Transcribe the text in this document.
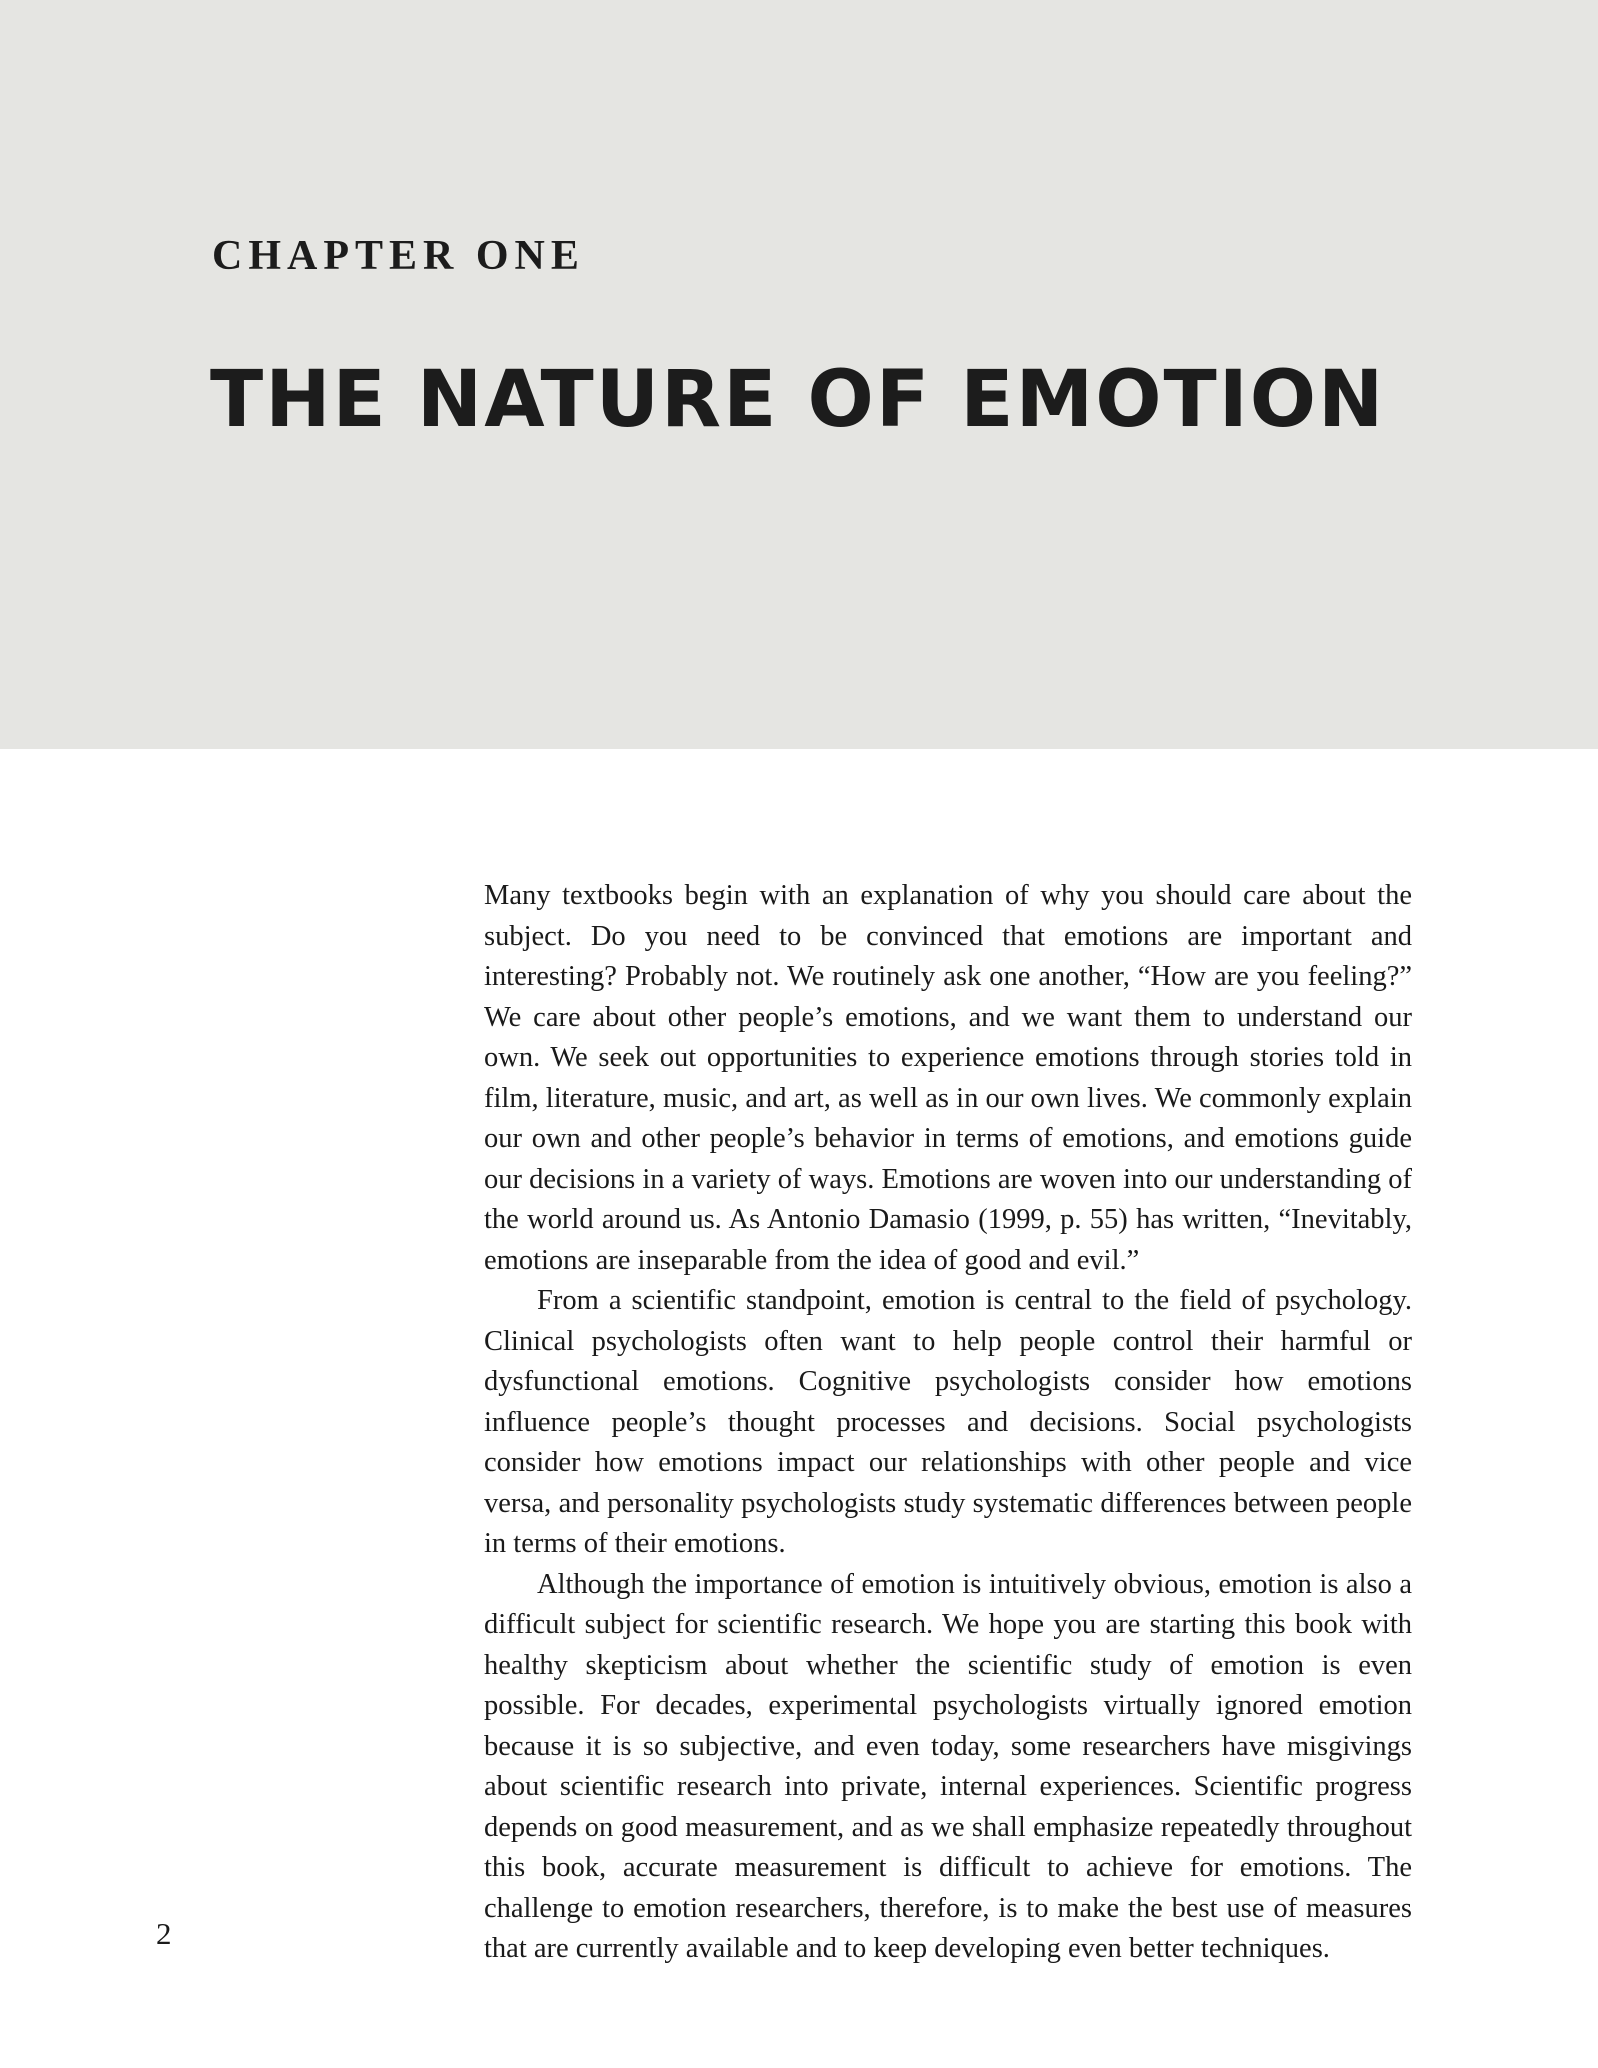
CHAPTER ONE
THE NATURE OF EMOTION

Many textbooks begin with an explanation of why you should care about the subject. Do you need to be convinced that emotions are important and interesting? Probably not. We routinely ask one another, “How are you feeling?” We care about other people’s emotions, and we want them to understand our own. We seek out opportunities to experience emotions through stories told in film, literature, music, and art, as well as in our own lives. We commonly explain our own and other people’s behavior in terms of emotions, and emotions guide our decisions in a variety of ways. Emotions are woven into our understanding of the world around us. As Antonio Damasio (1999, p. 55) has written, “Inevitably, emotions are inseparable from the idea of good and evil.”

From a scientific standpoint, emotion is central to the field of psychology. Clinical psychologists often want to help people control their harmful or dysfunctional emotions. Cognitive psychologists consider how emotions influence people’s thought processes and decisions. Social psychologists consider how emotions impact our relationships with other people and vice versa, and personality psychologists study systematic differences between people in terms of their emotions.

Although the importance of emotion is intuitively obvious, emotion is also a difficult subject for scientific research. We hope you are starting this book with healthy skepticism about whether the scientific study of emotion is even possible. For decades, experimental psychologists virtually ignored emotion because it is so subjective, and even today, some researchers have misgivings about scientific research into private, internal experiences. Scientific progress depends on good measurement, and as we shall emphasize repeatedly throughout this book, accurate measurement is difficult to achieve for emotions. The challenge to emotion researchers, therefore, is to make the best use of measures that are currently available and to keep developing even better techniques.

2
